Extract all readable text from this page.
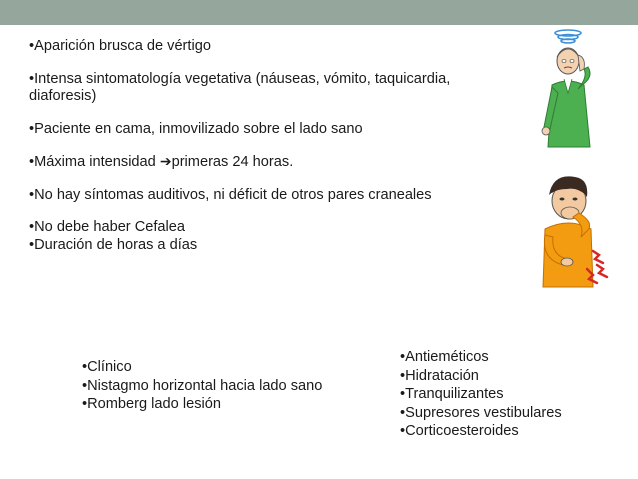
•Aparición brusca de vértigo

•Intensa sintomatología vegetativa (náuseas, vómito, taquicardia, diaforesis)

•Paciente en cama, inmovilizado sobre el lado sano

•Máxima intensidad ➔primeras 24 horas.

•No hay síntomas auditivos, ni déficit de otros pares craneales

•No debe haber Cefalea

•Duración de horas a días

•Clínico
•Nistagmo horizontal hacia lado sano
•Romberg lado lesión
•Antieméticos
•Hidratación
•Tranquilizantes
•Supresores vestibulares
•Corticoesteroides
